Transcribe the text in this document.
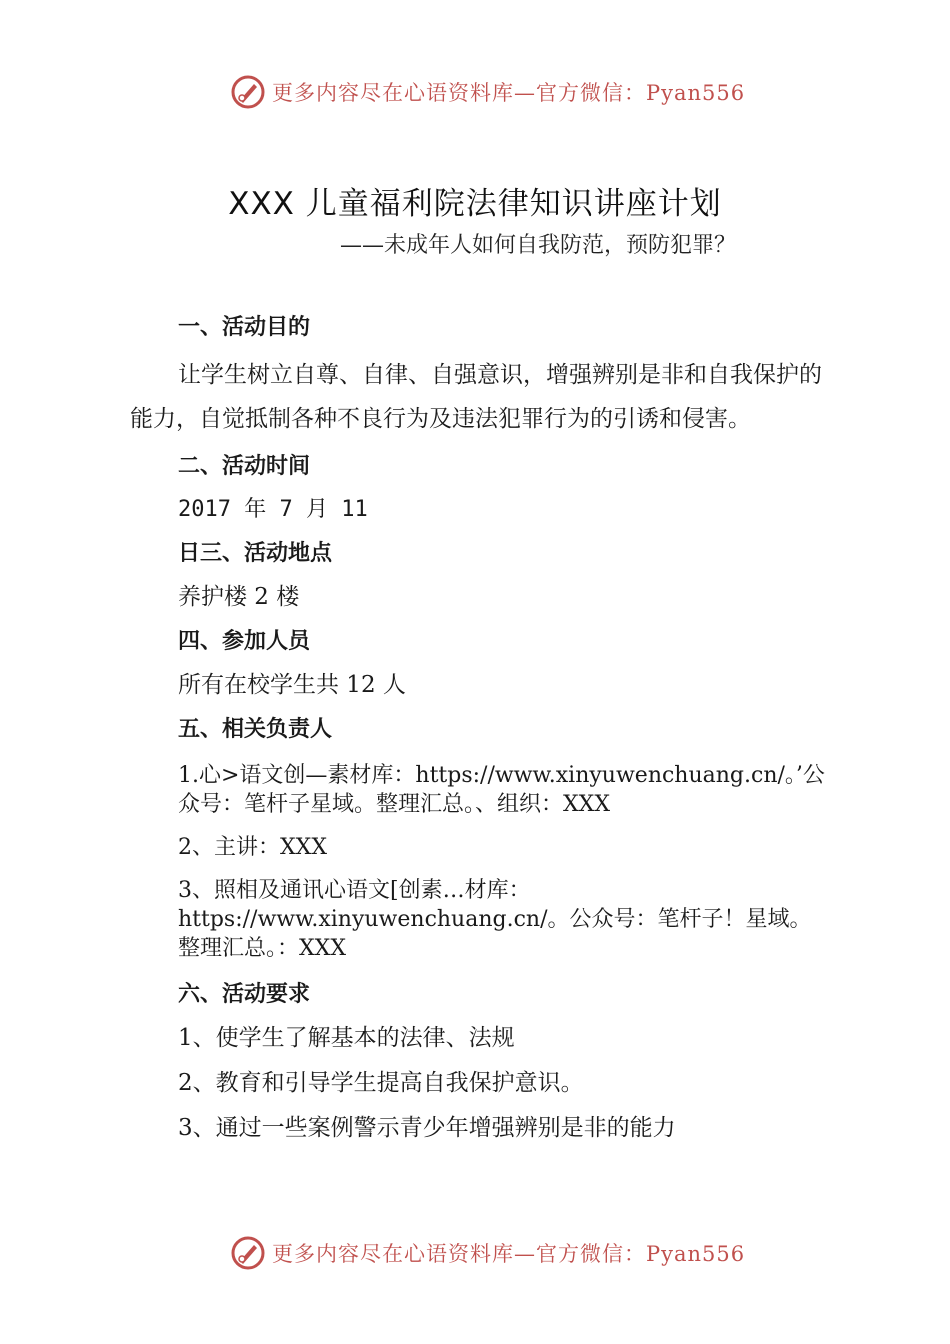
更多内容尽在心语资料库—官方微信：Pyan556
XXX 儿童福利院法律知识讲座计划
——未成年人如何自我防范，预防犯罪？

一、活动目的

让学生树立自尊、自律、自强意识，增强辨别是非和自我保护的能力，自觉抵制各种不良行为及违法犯罪行为的引诱和侵害。

二、活动时间

2017 年 7 月 11

日三、活动地点

养护楼 2 楼

四、参加人员

所有在校学生共 12 人

五、相关负责人

1.心>语文创—素材库：https://www.xinyuwenchuang.cn/。’公众号：笔杆子星域。整理汇总。、组织：XXX

2、主讲：XXX

3、照相及通讯心语文[创素…材库：https://www.xinyuwenchuang.cn/。公众号：笔杆子！星域。整理汇总。：XXX

六、活动要求

1、使学生了解基本的法律、法规

2、教育和引导学生提高自我保护意识。

3、通过一些案例警示青少年增强辨别是非的能力

更多内容尽在心语资料库—官方微信：Pyan556
